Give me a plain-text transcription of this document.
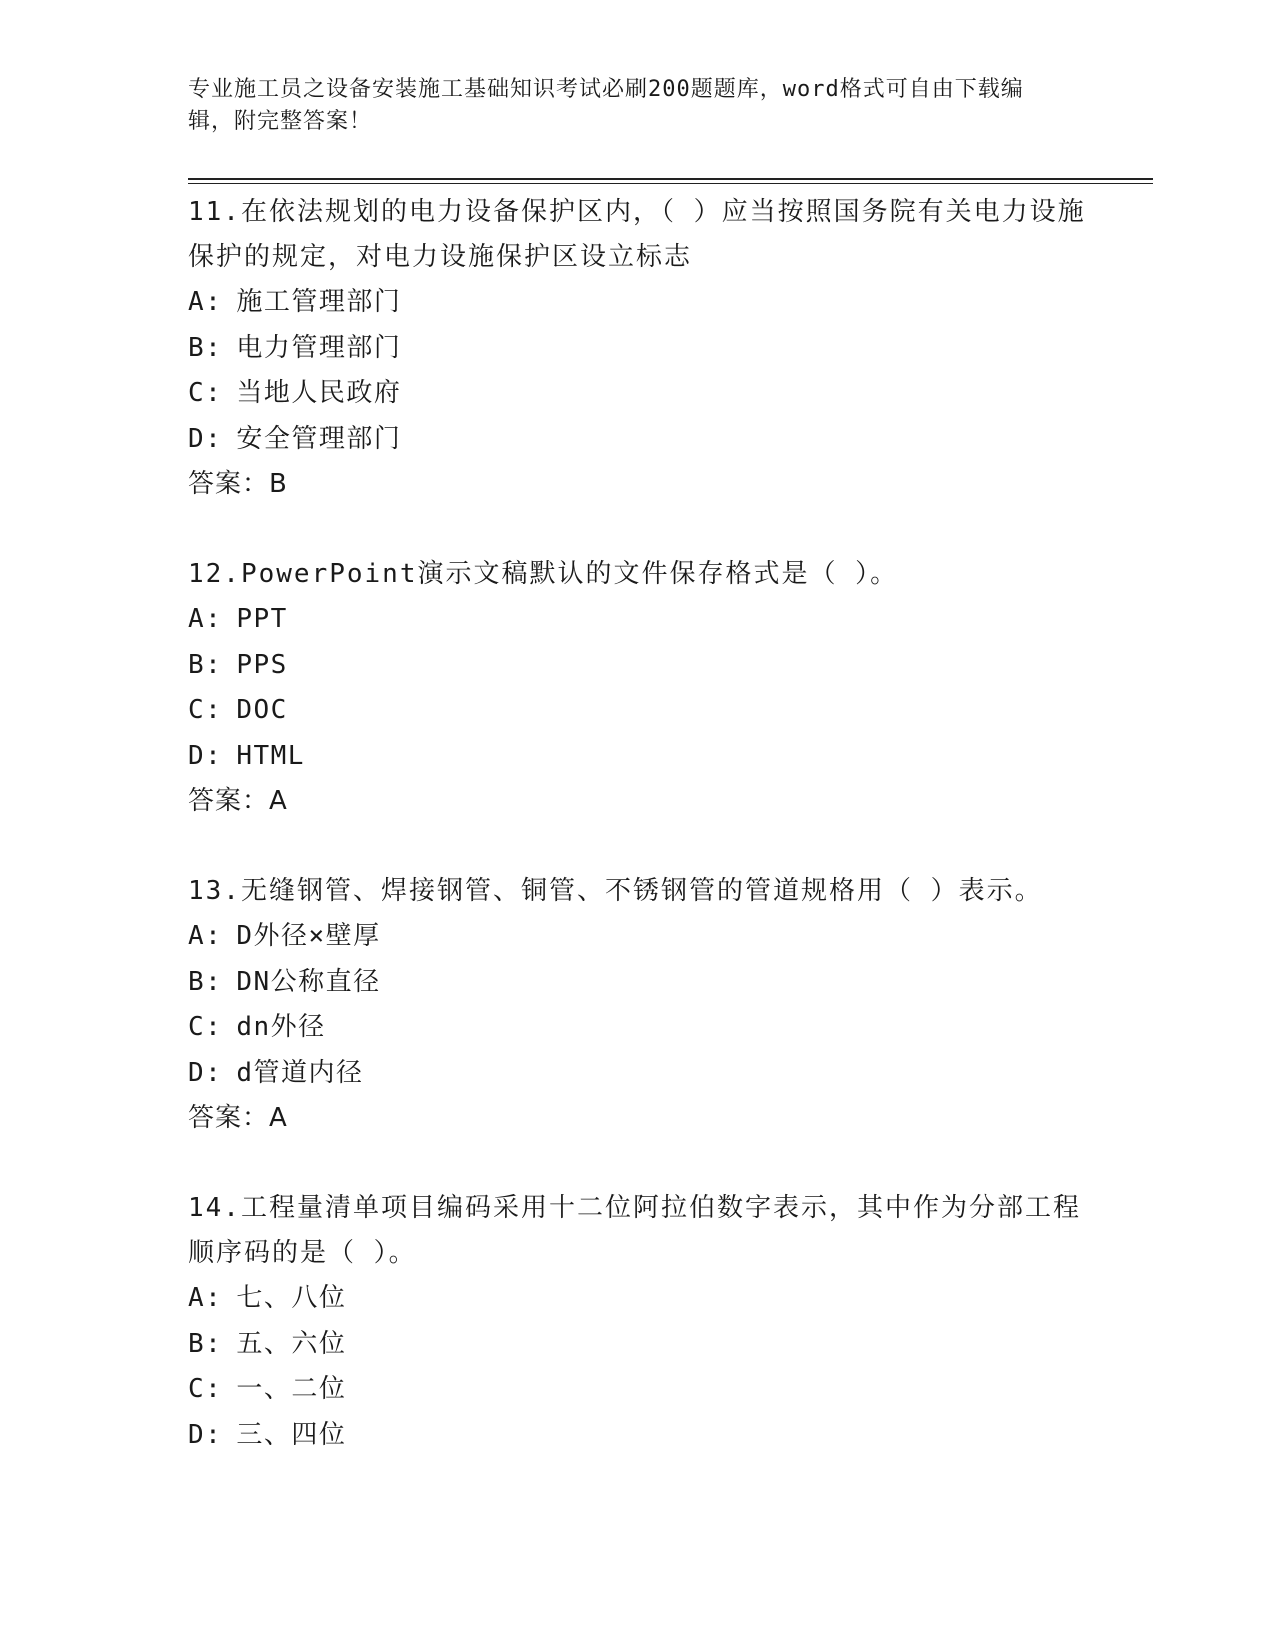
专业施工员之设备安装施工基础知识考试必刷200题题库，word格式可自由下载编辑，附完整答案！
11.在依法规划的电力设备保护区内，（ ）应当按照国务院有关电力设施保护的规定，对电力设施保护区设立标志
A: 施工管理部门
B: 电力管理部门
C: 当地人民政府
D: 安全管理部门
答案：B
12.PowerPoint演示文稿默认的文件保存格式是（ ）。
A: PPT
B: PPS
C: DOC
D: HTML
答案：A
13.无缝钢管、焊接钢管、铜管、不锈钢管的管道规格用（ ）表示。
A: D外径×壁厚
B: DN公称直径
C: dn外径
D: d管道内径
答案：A
14.工程量清单项目编码采用十二位阿拉伯数字表示，其中作为分部工程顺序码的是（ ）。
A: 七、八位
B: 五、六位
C: 一、二位
D: 三、四位
